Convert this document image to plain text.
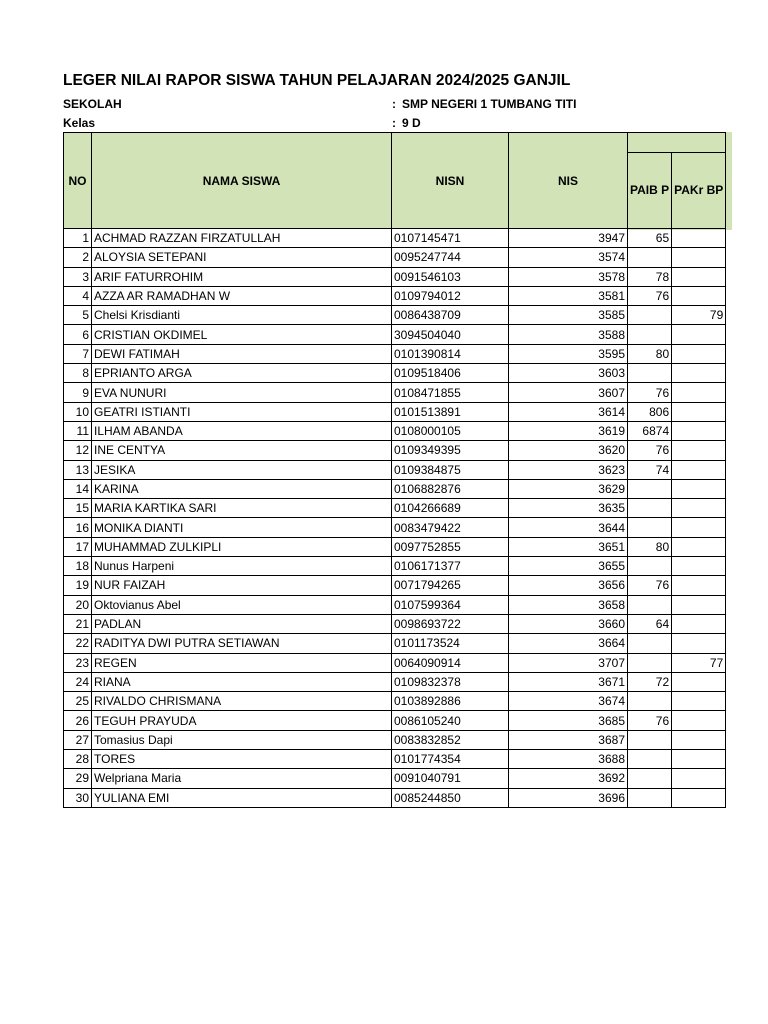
LEGER NILAI RAPOR SISWA TAHUN PELAJARAN 2024/2025 GANJIL
SEKOLAH	: SMP NEGERI 1 TUMBANG TITI
Kelas	: 9 D
NO	NAMA SISWA	NISN	NIS		
				PAIB P	PAKr BP
1	ACHMAD RAZZAN FIRZATULLAH	0107145471	3947	65	
2	ALOYSIA SETEPANI	0095247744	3574		
3	ARIF FATURROHIM	0091546103	3578	78	
4	AZZA AR RAMADHAN W	0109794012	3581	76	
5	Chelsi Krisdianti	0086438709	3585		79
6	CRISTIAN OKDIMEL	3094504040	3588		
7	DEWI FATIMAH	0101390814	3595	80	
8	EPRIANTO ARGA	0109518406	3603		
9	EVA NUNURI	0108471855	3607	76	
10	GEATRI ISTIANTI	0101513891	3614	806	
11	ILHAM ABANDA	0108000105	3619	6874	
12	INE CENTYA	0109349395	3620	76	
13	JESIKA	0109384875	3623	74	
14	KARINA	0106882876	3629		
15	MARIA KARTIKA SARI	0104266689	3635		
16	MONIKA DIANTI	0083479422	3644		
17	MUHAMMAD ZULKIPLI	0097752855	3651	80	
18	Nunus Harpeni	0106171377	3655		
19	NUR FAIZAH	0071794265	3656	76	
20	Oktovianus Abel	0107599364	3658		
21	PADLAN	0098693722	3660	64	
22	RADITYA DWI PUTRA SETIAWAN	0101173524	3664		
23	REGEN	0064090914	3707		77
24	RIANA	0109832378	3671	72	
25	RIVALDO CHRISMANA	0103892886	3674		
26	TEGUH PRAYUDA	0086105240	3685	76	
27	Tomasius Dapi	0083832852	3687		
28	TORES	0101774354	3688		
29	Welpriana Maria	0091040791	3692		
30	YULIANA EMI	0085244850	3696		
